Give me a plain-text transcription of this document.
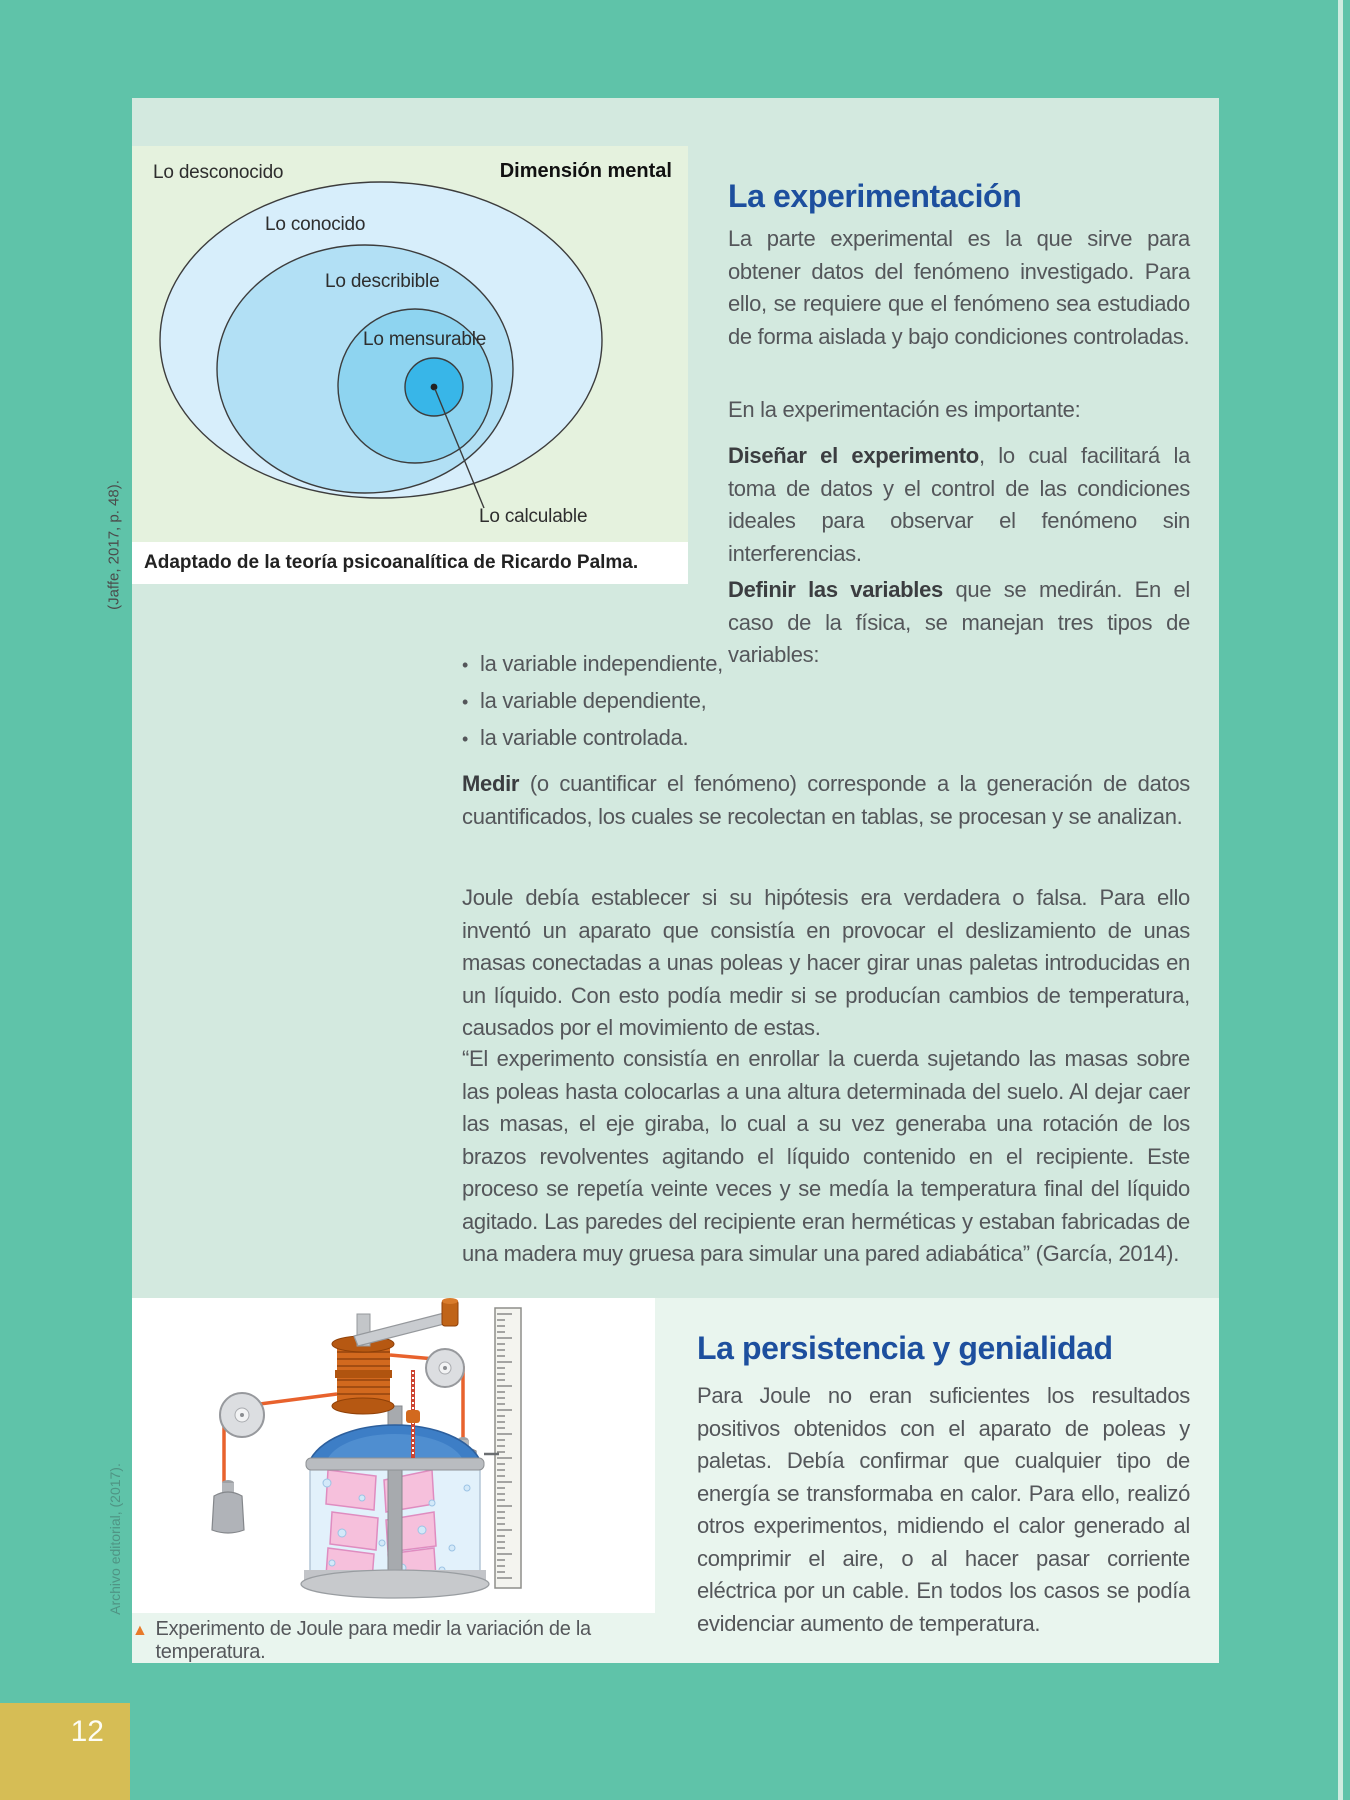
Lo desconocido	Dimensión mental
Lo conocido
Lo describible
Lo mensurable
Lo calculable
Adaptado de la teoría psicoanalítica de Ricardo Palma.
(Jaffe, 2017, p. 48).
Archivo editorial, (2017).
La experimentación
La parte experimental es la que sirve para obtener datos del fenómeno investigado. Para ello, se requiere que el fenómeno sea estudiado de forma aislada y bajo condiciones controladas.
En la experimentación es importante:
Diseñar el experimento, lo cual facilitará la toma de datos y el control de las condiciones ideales para observar el fenómeno sin interferencias.
Definir las variables que se medirán. En el caso de la física, se manejan tres tipos de variables:
• la variable independiente,
• la variable dependiente,
• la variable controlada.
Medir (o cuantificar el fenómeno) corresponde a la generación de datos cuantificados, los cuales se recolectan en tablas, se procesan y se analizan.
Joule debía establecer si su hipótesis era verdadera o falsa. Para ello inventó un aparato que consistía en provocar el deslizamiento de unas masas conectadas a unas poleas y hacer girar unas paletas introducidas en un líquido. Con esto podía medir si se producían cambios de temperatura, causados por el movimiento de estas.
“El experimento consistía en enrollar la cuerda sujetando las masas sobre las poleas hasta colocarlas a una altura determinada del suelo. Al dejar caer las masas, el eje giraba, lo cual a su vez generaba una rotación de los brazos revolventes agitando el líquido contenido en el recipiente. Este proceso se repetía veinte veces y se medía la temperatura final del líquido agitado. Las paredes del recipiente eran herméticas y estaban fabricadas de una madera muy gruesa para simular una pared adiabática” (García, 2014).
La persistencia y genialidad
Para Joule no eran suficientes los resultados positivos obtenidos con el aparato de poleas y paletas. Debía confirmar que cualquier tipo de energía se transformaba en calor. Para ello, realizó otros experimentos, midiendo el calor generado al comprimir el aire, o al hacer pasar corriente eléctrica por un cable. En todos los casos se podía evidenciar aumento de temperatura.
▲ Experimento de Joule para medir la variación de la temperatura.
12
